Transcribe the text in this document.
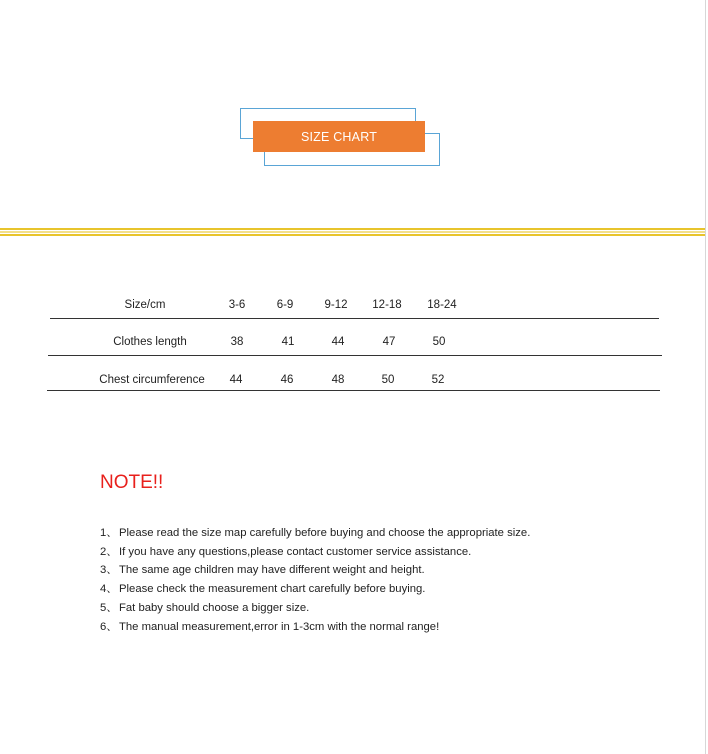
SIZE CHART
Size/cm	3-6	6-9	9-12 12-18 18-24
Clothes length	38	41	44	47	50
Chest circumference 44	46	48	50	52
NOTE!!
1、Please read the size map carefully before buying and choose the appropriate size.
2、If you have any questions,please contact customer service assistance.
3、The same age children may have different weight and height.
4、Please check the measurement chart carefully before buying.
5、Fat baby should choose a bigger size.
6、The manual measurement,error in 1-3cm with the normal range!
